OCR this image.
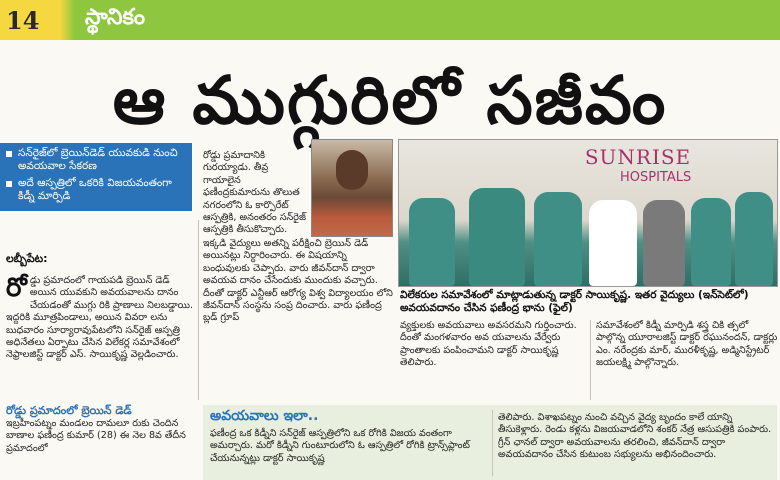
14 స్థానికం
ఆ ముగ్గురిలో సజీవం
సన్‌రైజ్‌లో బ్రెయిన్‌డెడ్ యువకుడి నుంచి అవయవాల సేకరణ
అదే ఆస్పత్రిలో ఒకరికి విజయవంతంగా కిడ్నీ మార్పిడి
లబ్బీపేట:
రోడ్డు ప్రమాదంలో గాయపడి బ్రెయిన్ డెడ్ అయిన యువకుని అవయవాలను దానం చేయడంతో ముగ్గు రికి ప్రాణాలు నిలబడ్డాయి. ఇద్దరికి మూత్రపిండాలు, అయిన వివరా లను బుధవారం సూర్యారావుపేటలోని సన్‌రైజ్ ఆస్పత్రి అధినేతలు ఏర్పాటు చేసిన విలేకర్ల సమావేశంలో నెఫ్రాలజిస్ట్ డాక్టర్ ఎస్. సాయికృష్ణ వెల్లడించారు.
రోడ్డు ప్రమాదంలో బ్రెయిన్ డెడ్
ఇబ్రహీంపట్నం మండలం దామలూ రుకు చెందిన బాణాల ఫణీంద్ర కుమార్ (28) ఈ నెల 8వ తేదీన ప్రమాదంలో
రోడ్డు ప్రమాదానికి గురయ్యాడు. తీవ్ర గాయాలైన ఫణీంద్రకుమారును తొలుత నగరంలోని ఓ కార్పొరేట్ ఆస్పత్రికి, అనంతరం సన్‌రైజ్ ఆస్పత్రికి తీసుకొచ్చారు.
ఇక్కడి వైద్యులు అతన్ని పరీక్షించి బ్రెయిన్ డెడ్ అయినట్లు నిర్ధారించారు. ఈ విషయాన్ని బంధువులకు చెప్పారు. వారు జీవన్‌దాన్ ద్వారా అవయవ దానం చేసేందుకు ముందుకు వచ్చారు. దీంతో డాక్టర్ ఎన్టీఆర్ ఆరోగ్య విశ్వ విద్యాలయం లోని జీవన్‌దాన్ సంస్థను సంప్ర దించారు. వారు ఫణీంద్ర బ్లడ్ గ్రూప్
SUNRISE
HOSPITALS
విలేకరుల సమావేశంలో మాట్లాడుతున్న డాక్టర్ సాయికృష్ణ. ఇతర వైద్యులు (ఇన్‌సెట్‌లో) అవయవదానం చేసిన ఫణీంద్ర భాను (ఫైల్)
వ్యక్తులకు అవయవాలు అవసరమని గుర్తించారు. దీంతో మంగళవారం అవ యవాలను వేర్వేరు ప్రాంతాలకు పంపించామని డాక్టర్ సాయికృష్ణ తెలిపారు.
సమావేశంలో కిడ్నీ మార్పిడి శస్త్ర చికి త్సలో పాల్గొన్న యూరాలజిస్ట్ డాక్టర్ రఘునందన్, డాక్టర్లు ఎం. నరేంద్రకు మార్, మురళీకృష్ణ, అడ్మినిస్ట్రేటర్ జయలక్ష్మి పాల్గొన్నారు.
అవయవాలు ఇలా..
ఫణీంద్ర ఒక కిడ్నీని సన్‌రైజ్ ఆస్పత్రిలోని ఒక రోగికి విజయ వంతంగా అమర్చారు. మరో కిడ్నీని గుంటూరులోని ఓ ఆస్పత్రిలో రోగికి ట్రాన్స్‌ప్లాంట్ చేయనున్నట్లు డాక్టర్ సాయికృష్ణ
తెలిపారు. విశాఖపట్నం నుంచి వచ్చిన వైద్య బృందం కాలే యాన్ని తీసుకెళ్లారు. రెండు కళ్లను విజయవాడలోని శంకర్ నేత్ర ఆసుపత్రికి పంపారు. గ్రీన్ ఛానల్ ద్వారా అవయవాలను తరలించి, జీవన్‌దాన్ ద్వారా అవయవదానం చేసిన కుటుంబ సభ్యులను అభినందించారు.
